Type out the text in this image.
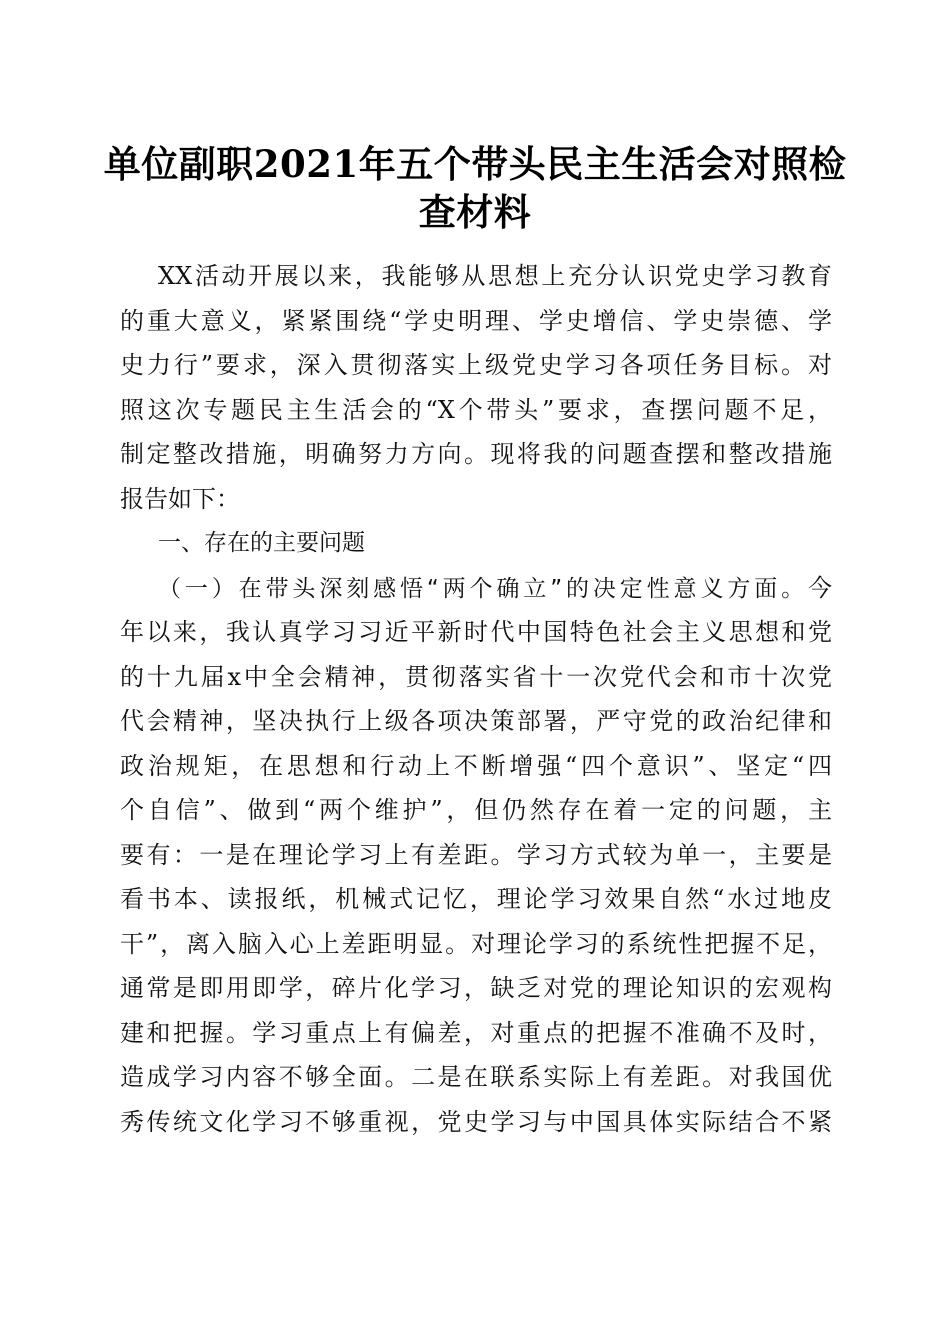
单位副职2021年五个带头民主生活会对照检
查材料
XX活动开展以来，我能够从思想上充分认识党史学习教育
的重大意义，紧紧围绕“学史明理、学史增信、学史崇德、学
史力行”要求，深入贯彻落实上级党史学习各项任务目标。对
照这次专题民主生活会的“X个带头”要求，查摆问题不足，
制定整改措施，明确努力方向。现将我的问题查摆和整改措施
报告如下：
一、存在的主要问题
（一）在带头深刻感悟“两个确立”的决定性意义方面。今
年以来，我认真学习习近平新时代中国特色社会主义思想和党
的十九届x中全会精神，贯彻落实省十一次党代会和市十次党
代会精神，坚决执行上级各项决策部署，严守党的政治纪律和
政治规矩，在思想和行动上不断增强“四个意识”、坚定“四
个自信”、做到“两个维护”，但仍然存在着一定的问题，主
要有：一是在理论学习上有差距。学习方式较为单一，主要是
看书本、读报纸，机械式记忆，理论学习效果自然“水过地皮
干”，离入脑入心上差距明显。对理论学习的系统性把握不足，
通常是即用即学，碎片化学习，缺乏对党的理论知识的宏观构
建和把握。学习重点上有偏差，对重点的把握不准确不及时，
造成学习内容不够全面。二是在联系实际上有差距。对我国优
秀传统文化学习不够重视，党史学习与中国具体实际结合不紧
